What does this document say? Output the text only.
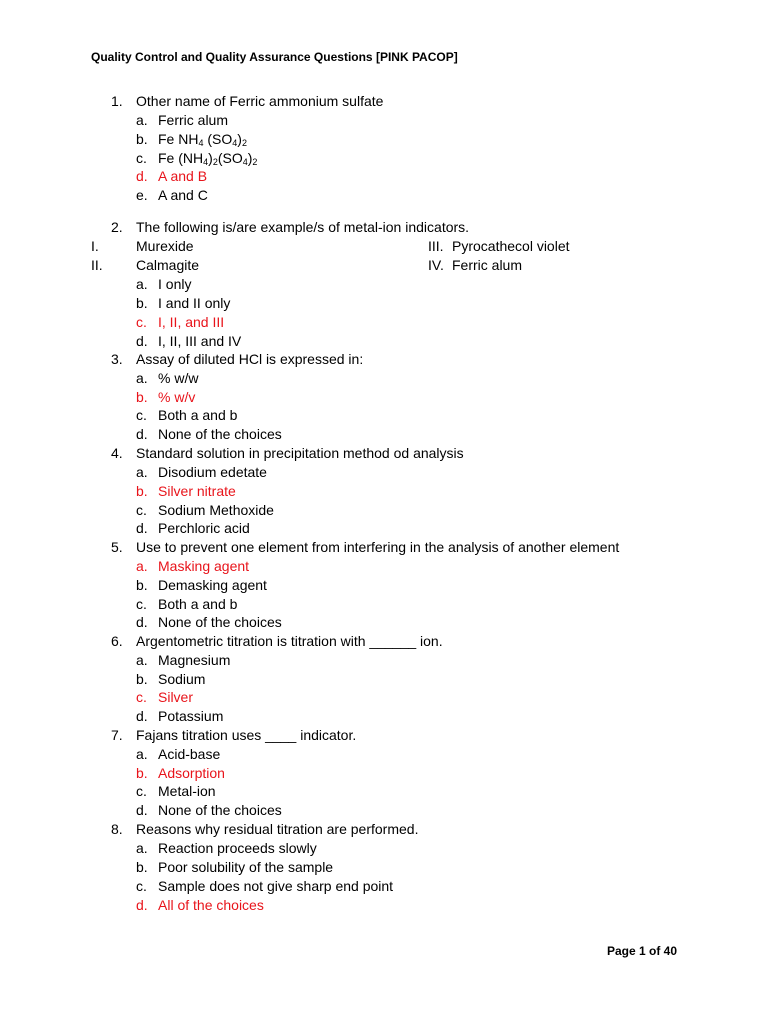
Quality Control and Quality Assurance Questions [PINK PACOP]
1. Other name of Ferric ammonium sulfate
a. Ferric alum
b. Fe $NH_4$ $(SO_4)_2$
c. Fe $(NH_4)_2(SO_4)_2$
d. A and B
e. A and C
2. The following is/are example/s of metal-ion indicators.
I.	Murexide	III. Pyrocathecol violet
II. Calmagite	IV. Ferric alum
a. I only
b. I and II only
c. I, II, and III
d. I, II, III and IV
3. Assay of diluted HCl is expressed in:
a. % w/w
b. % w/v
c. Both a and b
d. None of the choices
4. Standard solution in precipitation method od analysis
a. Disodium edetate
b. Silver nitrate
c. Sodium Methoxide
d. Perchloric acid
5. Use to prevent one element from interfering in the analysis of another element
a. Masking agent
b. Demasking agent
c. Both a and b
d. None of the choices
6. Argentometric titration is titration with ______ ion.
a. Magnesium
b. Sodium
c. Silver
d. Potassium
7. Fajans titration uses ____ indicator.
a. Acid-base
b. Adsorption
c. Metal-ion
d. None of the choices
8. Reasons why residual titration are performed.
a. Reaction proceeds slowly
b. Poor solubility of the sample
c. Sample does not give sharp end point
d. All of the choices
Page 1 of 40
